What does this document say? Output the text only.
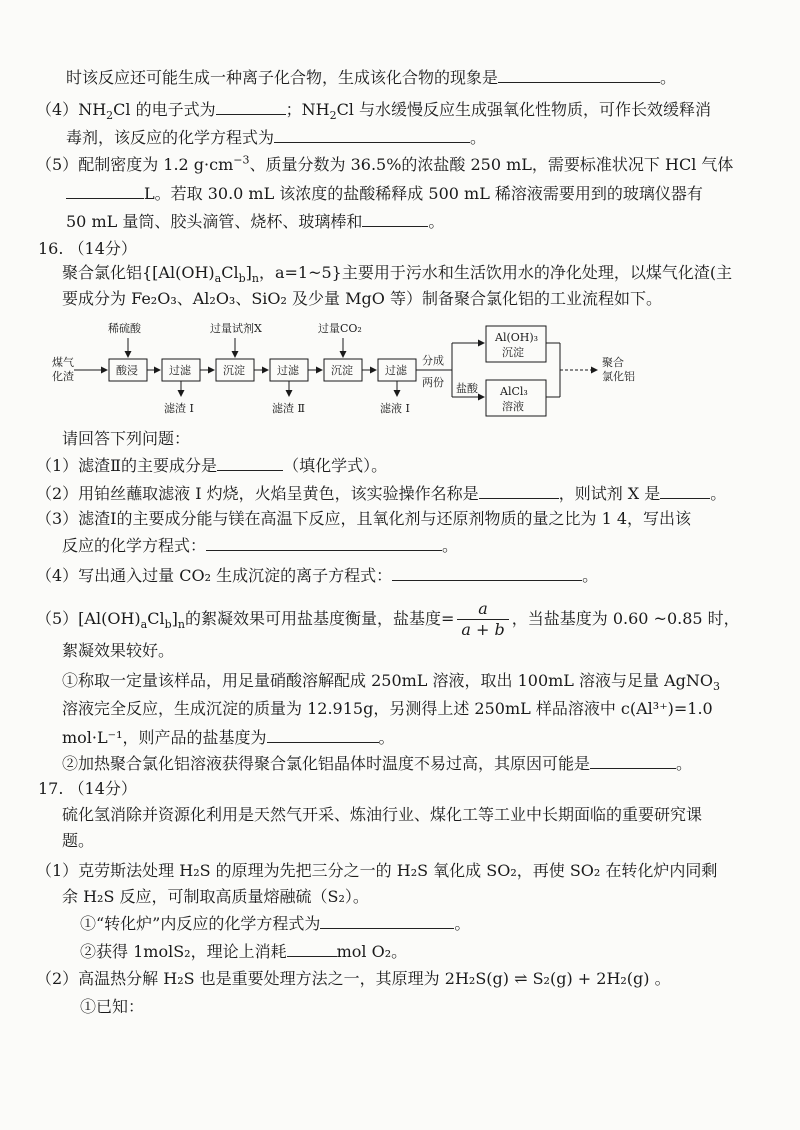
时该反应还可能生成一种离子化合物，生成该化合物的现象是	。
$(4)NH_2Cl$ 的电子式为	；$NH_2Cl$ 与水缓慢反应生成强氧化性物质，可作长效缓释消
毒剂，该反应的化学方程式为	。
（5）配制密度为 1.2 $g\cdot cm^{-3}$、质量分数为 36.5%的浓盐酸 250 mL，需要标准状况下 HCl 气体
L。若取 30.0 mL 该浓度的盐酸稀释成 500 mL 稀溶液需要用到的玻璃仪器有
50 mL 量筒、胶头滴管、烧杯、玻璃棒和	。
16. （14分）
聚合氯化铝{$[Al(OH)_aCl_b]_n$，a=1~5}主要用于污水和生活饮用水的净化处理，以煤气化渣(主
要成分为 Fe₂O₃、Al₂O₃、SiO₂ 及少量 MgO 等）制备聚合氯化铝的工业流程如下。
煤气
化渣
稀硫酸
酸浸	过滤
滤渣 Ⅰ
过量试剂X
沉淀	过滤
滤渣 Ⅱ
过量CO₂
沉淀	过滤
滤液 Ⅰ
分成
两份 盐酸
Al(OH)₃
沉淀
AlCl₃
溶液
聚合
氯化铝
请回答下列问题：
（1）滤渣Ⅱ的主要成分是	（填化学式）。
（2）用铂丝蘸取滤液 I 灼烧，火焰呈黄色，该实验操作名称是	，则试剂 X 是	。
（3）滤渣Ⅰ的主要成分能与镁在高温下反应，且氧化剂与还原剂物质的量之比为 1 4，写出该
反应的化学方程式：	。
（4）写出通入过量 CO₂ 生成沉淀的离子方程式：	。
$(5)[Al(OH)_aCl_b]_n$的絮凝效果可用盐基度衡量，盐基度= $\frac{a}{a + b}$ ，当盐基度为 0.60 ~0.85 时，
絮凝效果较好。
①称取一定量该样品，用足量硝酸溶解配成 250mL 溶液，取出 100mL 溶液与足量 AgNO$_3$
溶液完全反应，生成沉淀的质量为 12.915g，另测得上述 250mL 样品溶液中 c(Al³⁺)=1.0
mol·L⁻¹，则产品的盐基度为	。
②加热聚合氯化铝溶液获得聚合氯化铝晶体时温度不易过高，其原因可能是	。
17. （14分）
硫化氢消除并资源化利用是天然气开采、炼油行业、煤化工等工业中长期面临的重要研究课
题。
（1）克劳斯法处理 H₂S 的原理为先把三分之一的 H₂S 氧化成 SO₂，再使 SO₂ 在转化炉内同剩
余 H₂S 反应，可制取高质量熔融硫（S₂）。
①“转化炉”内反应的化学方程式为	。
②获得 1molS₂，理论上消耗	mol O₂。
（2）高温热分解 H₂S 也是重要处理方法之一，其原理为 2H₂S(g) ⇌ S₂(g) + 2H₂(g) 。
①已知：
